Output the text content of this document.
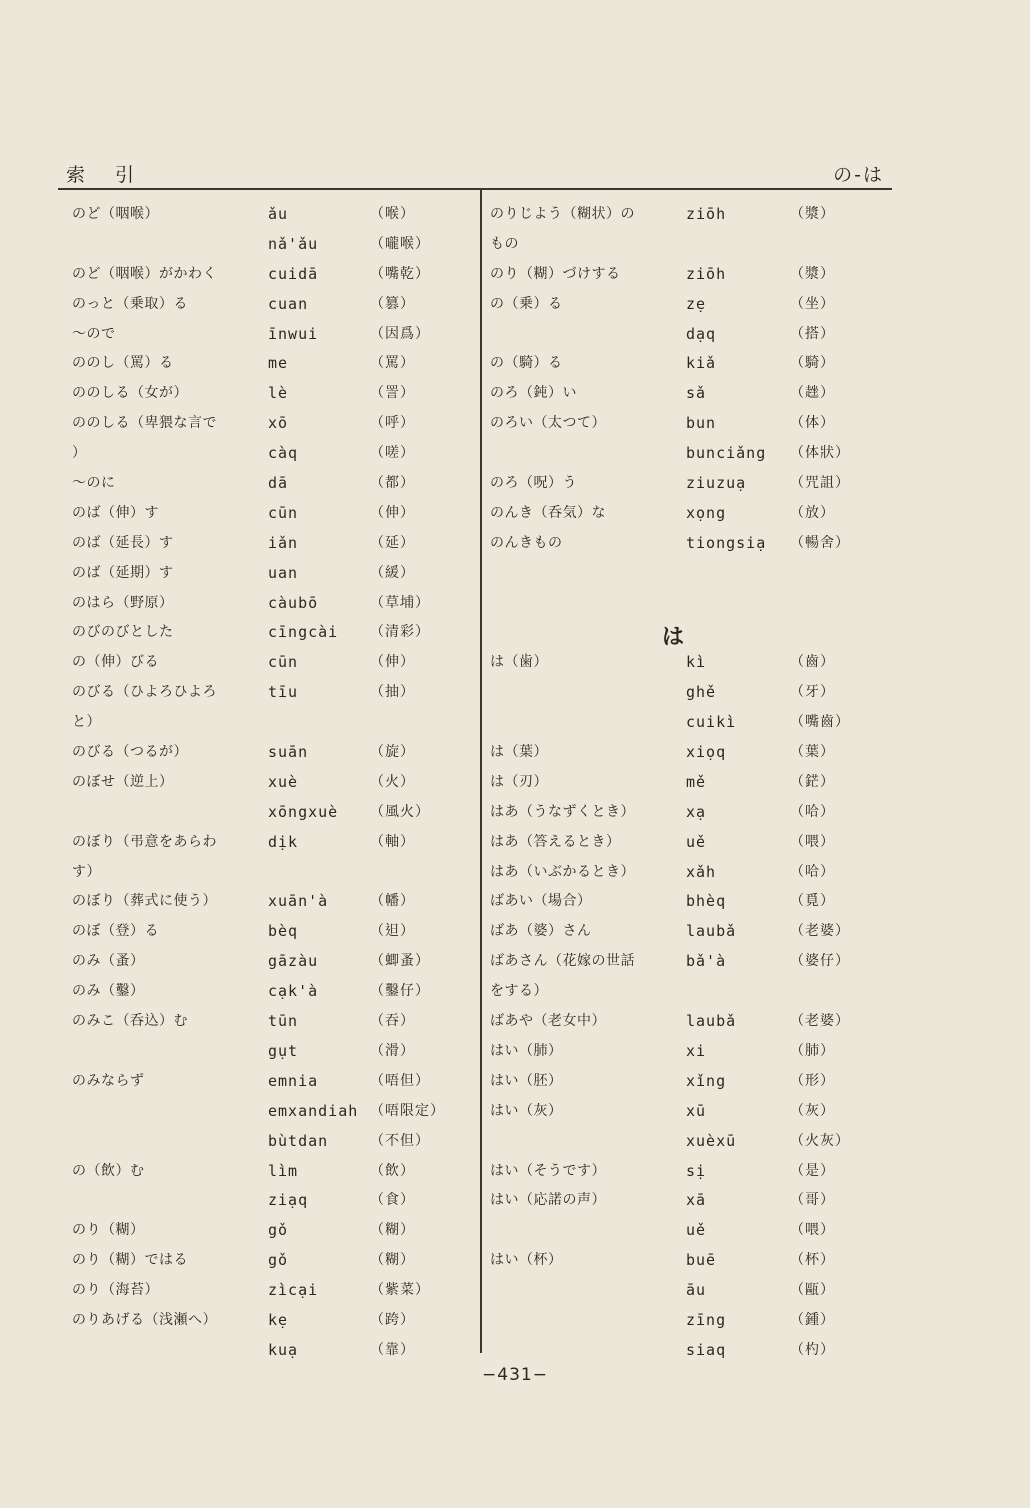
索 引	の-は
のど（咽喉）	ǎu	（喉）
nǎ'ǎu	（嚨喉）
のど（咽喉）がかわく	cuidā	（嘴乾）
のっと（乗取）る	cuan	（篡）
～ので	īnwui	（因爲）
ののし（罵）る	me	（罵）
ののしる（女が）	lè	（詈）
ののしる（卑猥な言で	xō	（呼）
）	càq	（嗟）
～のに	dā	（都）
のば（伸）す	cūn	（伸）
のば（延長）す	iǎn	（延）
のば（延期）す	uan	（緩）
のはら（野原）	càubō	（草埔）
のびのびとした	cīngcài （清彩）
の（伸）びる	cūn	（伸）
のびる（ひよろひよろ	tīu	（抽）
と）
のびる（つるが）	suān	（旋）
のぼせ（逆上）	xuè	（火）
xōngxuè （風火）
のぼり（弔意をあらわ	dịk	（軸）
す）
のぼり（葬式に使う）	xuān'à	（幡）
のぼ（登）る	bèq	（𨑨）
のみ（蚤）	gāzàu	（蝍蚤）
のみ（鑿）	cạk'à	（鑿仔）
のみこ（呑込）む	tūn	（吞）
gụt	（滑）
のみならず	emnia	（唔但）
emxandiah （唔限定）
bùtdan	（不但）
の（飲）む	lìm	（飲）
ziạq	（食）
のり（糊）	gǒ	（糊）
のり（糊）ではる	gǒ	（糊）
のり（海苔）	zìcại	（紫菜）
のりあげる（浅瀬へ）	kẹ	（跨）
kuạ	（靠）
のりじよう（糊状）の	ziōh	（漿）
もの
のり（糊）づけする	ziōh	（漿）
の（乗）る	zẹ	（坐）
dạq	（搭）
の（騎）る	kiǎ	（騎）
のろ（鈍）い	sǎ	（趖）
のろい（太つて）	bun	（体）
bunciǎng （体狀）
のろ（呪）う	ziuzuạ	（咒詛）
のんき（呑気）な	xọng	（放）
のんきもの	tiongsiạ （暢舍）
は
は（歯）	kì	（齒）
ghě	（牙）
cuikì	（嘴齒）
は（葉）	xiọq	（葉）
は（刃）	mě	（鋩）
はあ（うなずくとき）	xạ	（哈）
はあ（答えるとき）	uě	（喂）
はあ（いぶかるとき）	xǎh	（哈）
ばあい（場合）	bhèq	（覓）
ばあ（婆）さん	laubǎ	（老婆）
ばあさん（花嫁の世話	bǎ'à	（婆仔）
をする）
ばあや（老女中）	laubǎ	（老婆）
はい（肺）	xi	（肺）
はい（胚）	xǐng	（形）
はい（灰）	xū	（灰）
xuèxū	（火灰）
はい（そうです）	sị	（是）
はい（応諾の声）	xā	（哥）
uě	（喂）
はい（杯）	buē	（杯）
āu	（甌）
zīng	（鍾）
siaq	（杓）
−431−
